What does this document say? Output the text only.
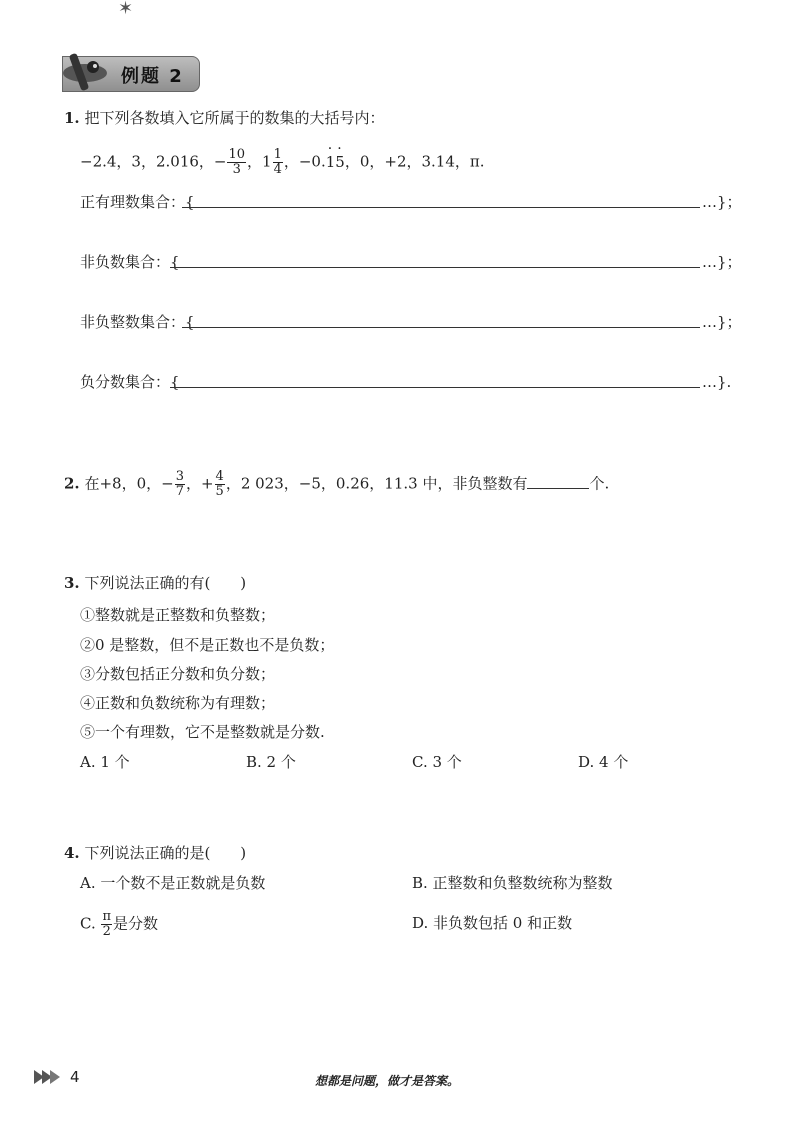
✶
例题 2
1. 把下列各数填入它所属于的数集的大括号内：
−2.4，3，2.016，− $\frac{10}{3}$ ，$1 \frac{1}{4}$ ，−0.· 1· 5，0，+2，3.14，π.
正有理数集合：{	…}；
非负数集合：{	…}；
非负整数集合：{	…}；
负分数集合：{	…}.
2. 在+8，0，− $\frac{3}{7}$ ，+ $\frac{4}{5}$ ，2 023，−5，0.26，11.3 中，非负整数有	个.
3. 下列说法正确的有(　　)
①整数就是正整数和负整数；
②0 是整数，但不是正数也不是负数；
③分数包括正分数和负分数；
④正数和负数统称为有理数；
⑤一个有理数，它不是整数就是分数.
A. 1 个	B. 2 个	C. 3 个	D. 4 个
4. 下列说法正确的是(　　)
A. 一个数不是正数就是负数	B. 正整数和负整数统称为整数
C. $\frac{\pi}{2}$ 是分数	D. 非负数包括 0 和正数
4	想都是问题，做才是答案。
